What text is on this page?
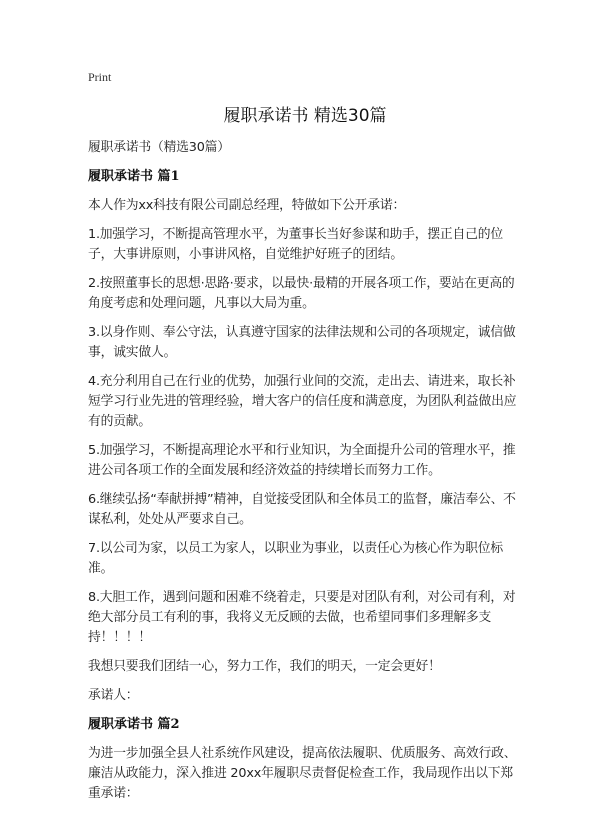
Print
履职承诺书 精选30篇

履职承诺书（精选30篇）

履职承诺书 篇1

本人作为xx科技有限公司副总经理，特做如下公开承诺：

1.加强学习，不断提高管理水平，为董事长当好参谋和助手，摆正自己的位子，大事讲原则，小事讲风格，自觉维护好班子的团结。

2.按照董事长的思想·思路·要求，以最快·最精的开展各项工作，要站在更高的角度考虑和处理问题，凡事以大局为重。

3.以身作则、奉公守法，认真遵守国家的法律法规和公司的各项规定，诚信做事，诚实做人。

4.充分利用自己在行业的优势，加强行业间的交流，走出去、请进来，取长补短学习行业先进的管理经验，增大客户的信任度和满意度，为团队利益做出应有的贡献。

5.加强学习，不断提高理论水平和行业知识，为全面提升公司的管理水平，推进公司各项工作的全面发展和经济效益的持续增长而努力工作。

6.继续弘扬“奉献拼搏”精神，自觉接受团队和全体员工的监督，廉洁奉公、不谋私利，处处从严要求自己。

7.以公司为家，以员工为家人，以职业为事业，以责任心为核心作为职位标准。

8.大胆工作，遇到问题和困难不绕着走，只要是对团队有利，对公司有利，对绝大部分员工有利的事，我将义无反顾的去做，也希望同事们多理解多支持！！！！

我想只要我们团结一心，努力工作，我们的明天，一定会更好！

承诺人：

履职承诺书 篇2

为进一步加强全县人社系统作风建设，提高依法履职、优质服务、高效行政、廉洁从政能力，深入推进 20xx年履职尽责督促检查工作，我局现作出以下郑重承诺：
